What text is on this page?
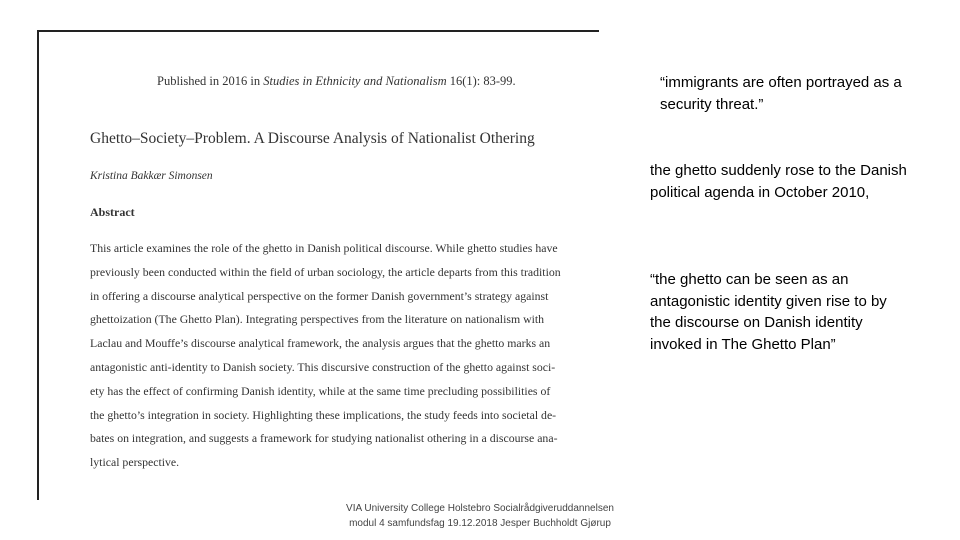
Published in 2016 in Studies in Ethnicity and Nationalism 16(1): 83-99.
Ghetto–Society–Problem. A Discourse Analysis of Nationalist Othering
Kristina Bakkær Simonsen
Abstract
This article examines the role of the ghetto in Danish political discourse. While ghetto studies have
previously been conducted within the field of urban sociology, the article departs from this tradition
in offering a discourse analytical perspective on the former Danish government’s strategy against
ghettoization (The Ghetto Plan). Integrating perspectives from the literature on nationalism with
Laclau and Mouffe’s discourse analytical framework, the analysis argues that the ghetto marks an
antagonistic anti-identity to Danish society. This discursive construction of the ghetto against soci-
ety has the effect of confirming Danish identity, while at the same time precluding possibilities of
the ghetto’s integration in society. Highlighting these implications, the study feeds into societal de-
bates on integration, and suggests a framework for studying nationalist othering in a discourse ana-
lytical perspective.
“immigrants are often portrayed as a security threat.”
the ghetto suddenly rose to the Danish political agenda in October 2010,
“the ghetto can be seen as an antagonistic identity given rise to by the discourse on Danish identity invoked in The Ghetto Plan”
VIA University College Holstebro Socialrådgiveruddannelsen
modul 4 samfundsfag 19.12.2018 Jesper Buchholdt Gjørup
